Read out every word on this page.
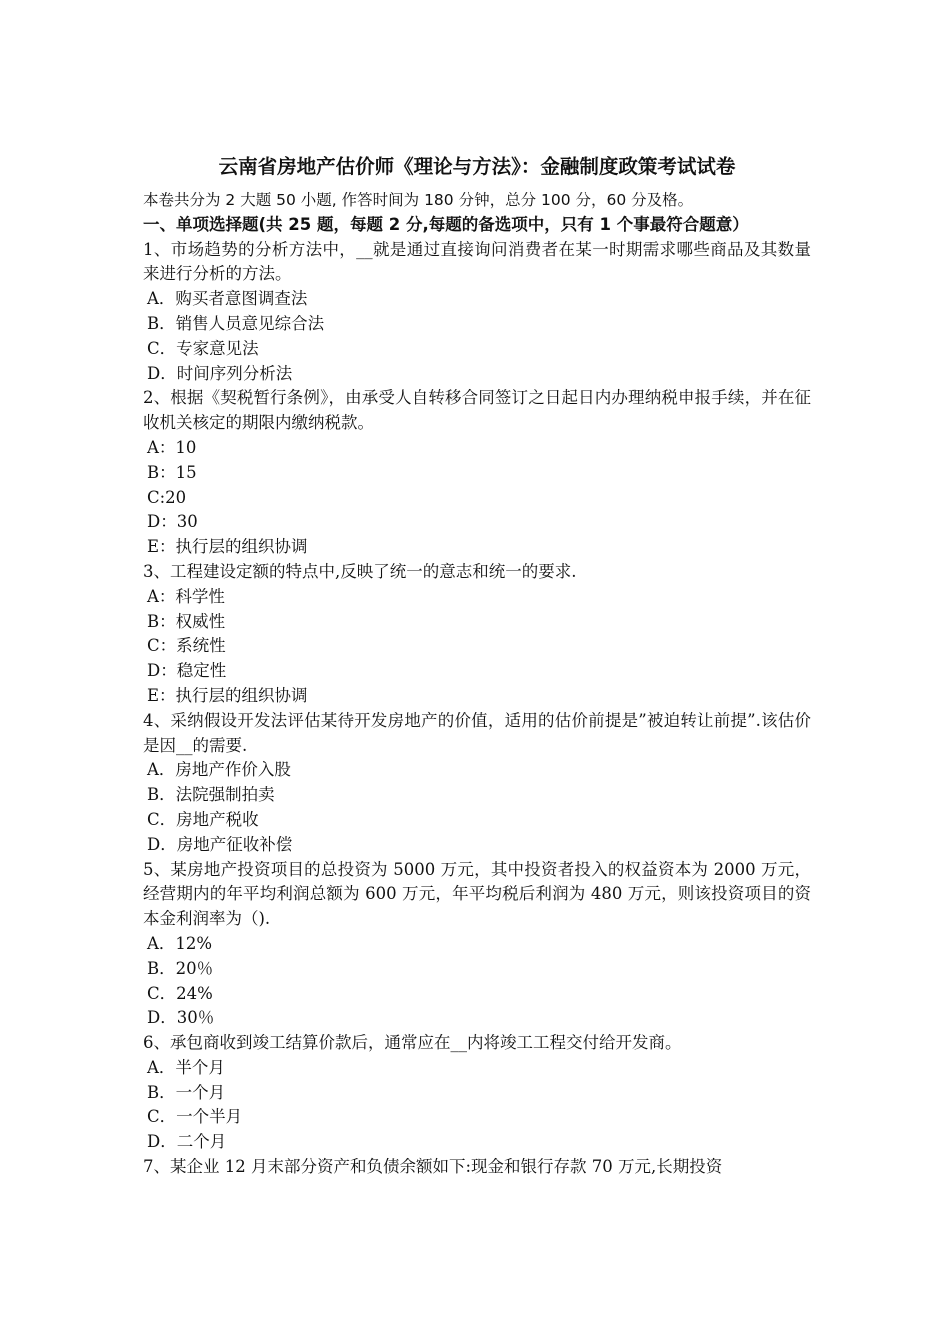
云南省房地产估价师《理论与方法》：金融制度政策考试试卷
本卷共分为 2 大题 50 小题, 作答时间为 180 分钟，总分 100 分，60 分及格。
一、单项选择题(共 25 题，每题 2 分,每题的备选项中，只有 1 个事最符合题意）
1、市场趋势的分析方法中，__就是通过直接询问消费者在某一时期需求哪些商品及其数量来进行分析的方法。
A．购买者意图调查法
B．销售人员意见综合法
C．专家意见法
D．时间序列分析法
2、根据《契税暂行条例》，由承受人自转移合同签订之日起日内办理纳税申报手续，并在征收机关核定的期限内缴纳税款。
A：10
B：15
C:20
D：30
E：执行层的组织协调
3、工程建设定额的特点中,反映了统一的意志和统一的要求.
A：科学性
B：权威性
C：系统性
D：稳定性
E：执行层的组织协调
4、采纳假设开发法评估某待开发房地产的价值，适用的估价前提是”被迫转让前提”.该估价是因__的需要.
A．房地产作价入股
B．法院强制拍卖
C．房地产税收
D．房地产征收补偿
5、某房地产投资项目的总投资为 5000 万元，其中投资者投入的权益资本为 2000 万元，经营期内的年平均利润总额为 600 万元，年平均税后利润为 480 万元，则该投资项目的资本金利润率为（).
A．12%
B．20％
C．24%
D．30％
6、承包商收到竣工结算价款后，通常应在__内将竣工工程交付给开发商。
A．半个月
B．一个月
C．一个半月
D．二个月
7、某企业 12 月末部分资产和负债余额如下:现金和银行存款 70 万元,长期投资
